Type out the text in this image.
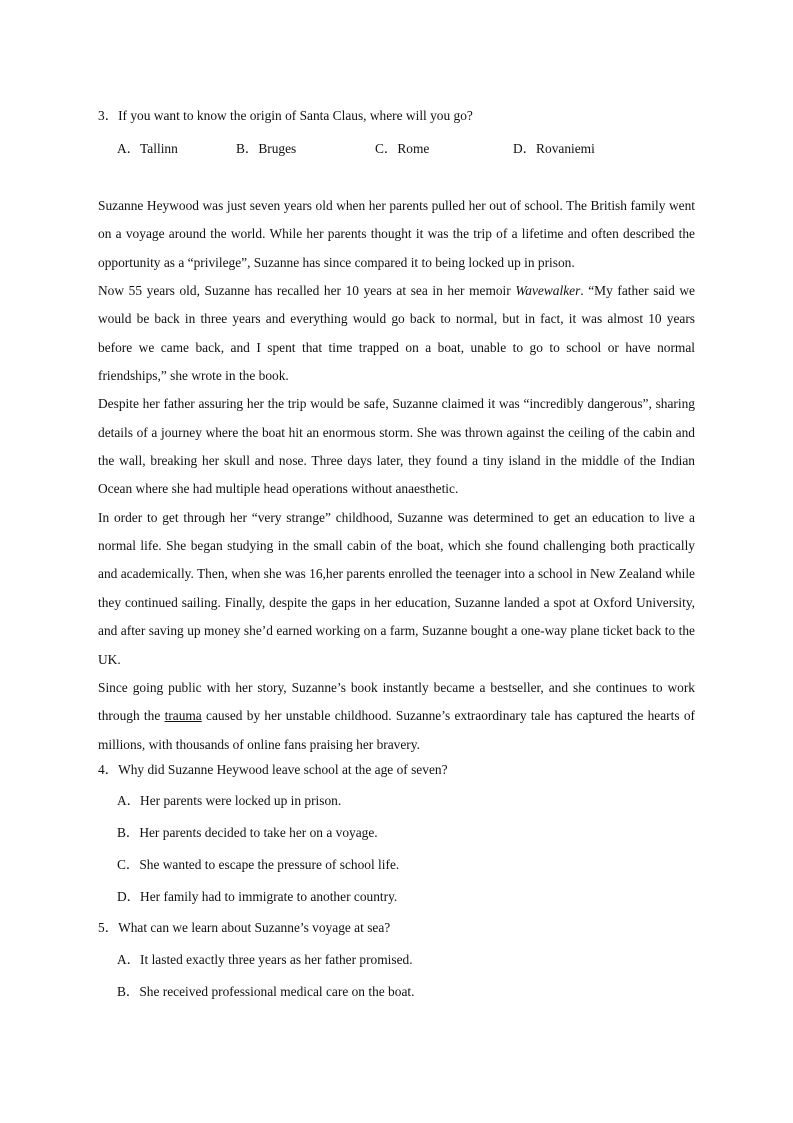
3．If you want to know the origin of Santa Claus, where will you go?
A．Tallinn	B．Bruges	C．Rome	D．Rovaniemi

Suzanne Heywood was just seven years old when her parents pulled her out of school. The British family went on a voyage around the world. While her parents thought it was the trip of a lifetime and often described the opportunity as a “privilege”, Suzanne has since compared it to being locked up in prison.

Now 55 years old, Suzanne has recalled her 10 years at sea in her memoir Wavewalker. “My father said we would be back in three years and everything would go back to normal, but in fact, it was almost 10 years before we came back, and I spent that time trapped on a boat, unable to go to school or have normal friendships,” she wrote in the book.

Despite her father assuring her the trip would be safe, Suzanne claimed it was “incredibly dangerous”, sharing details of a journey where the boat hit an enormous storm. She was thrown against the ceiling of the cabin and the wall, breaking her skull and nose. Three days later, they found a tiny island in the middle of the Indian Ocean where she had multiple head operations without anaesthetic.

In order to get through her “very strange” childhood, Suzanne was determined to get an education to live a normal life. She began studying in the small cabin of the boat, which she found challenging both practically and academically. Then, when she was 16,her parents enrolled the teenager into a school in New Zealand while they continued sailing. Finally, despite the gaps in her education, Suzanne landed a spot at Oxford University, and after saving up money she’d earned working on a farm, Suzanne bought a one-way plane ticket back to the UK.

Since going public with her story, Suzanne’s book instantly became a bestseller, and she continues to work through the trauma caused by her unstable childhood. Suzanne’s extraordinary tale has captured the hearts of millions, with thousands of online fans praising her bravery.

4．Why did Suzanne Heywood leave school at the age of seven?
A．Her parents were locked up in prison.
B．Her parents decided to take her on a voyage.
C．She wanted to escape the pressure of school life.
D．Her family had to immigrate to another country.
5．What can we learn about Suzanne’s voyage at sea?
A．It lasted exactly three years as her father promised.
B．She received professional medical care on the boat.
